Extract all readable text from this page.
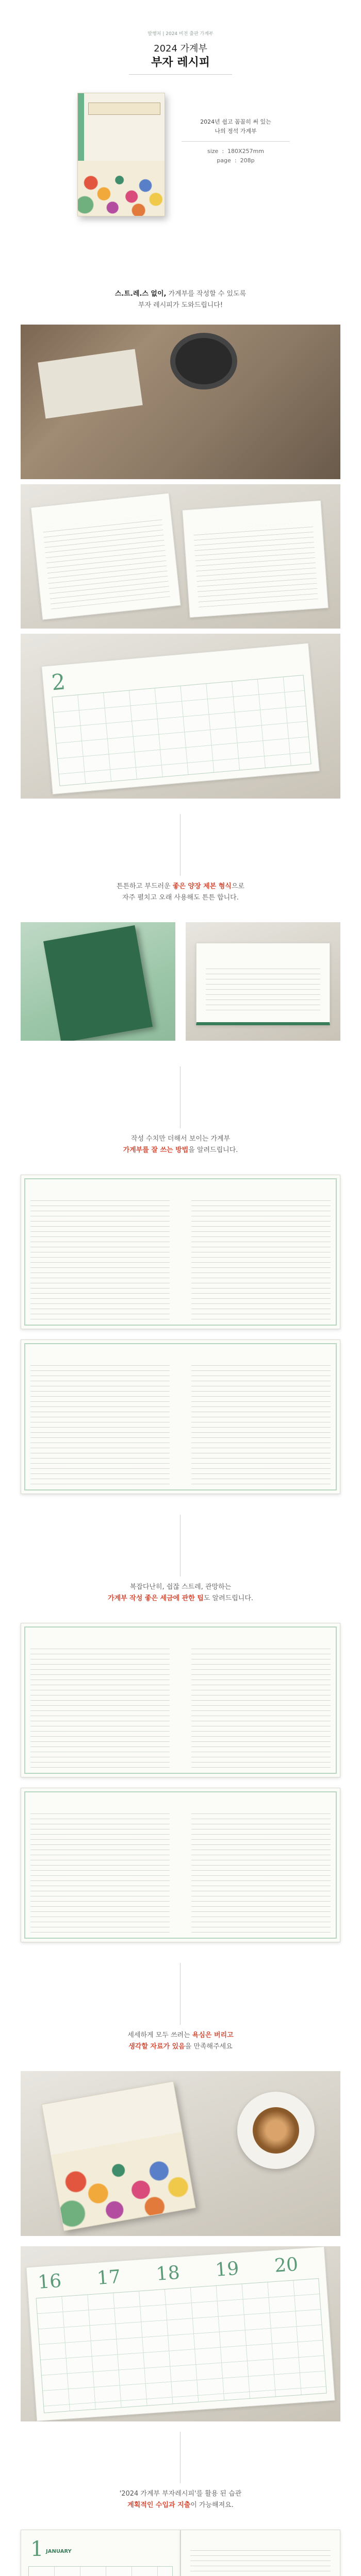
발행처 | 2024 비전 출판 가계부
2024 가계부
부자 레시피
2024년 쉽고 꼼꼼히 써 있는
나의 정석 가계부
size  :  180X257mm
page  :  208p
스.트.레.스 없이, 가계부를 작성할 수 있도록
부자 레시피가 도와드립니다!
2
튼튼하고 부드러운 좋은 양장 제본 형식으로
자주 펼치고 오래 사용해도 튼튼 합니다.
작성 수치만 더해서 보이는 가계부
가계부를 잘 쓰는 방법을 알려드립니다.
복잡다난히, 쉽잖 스트레, 관망하는
가계부 작성 좋은 세금에 관한 팁도 알려드립니다.
세세하게 모두 쓰려는 욕심은 버리고
생각할 자료가 있음을 만족해주세요
16 17 18 19 20
'2024 가계부 부자레시피'를 활용 된 습관
계획적인 수입과 지출이 가능해져요.
1 JANUARY
